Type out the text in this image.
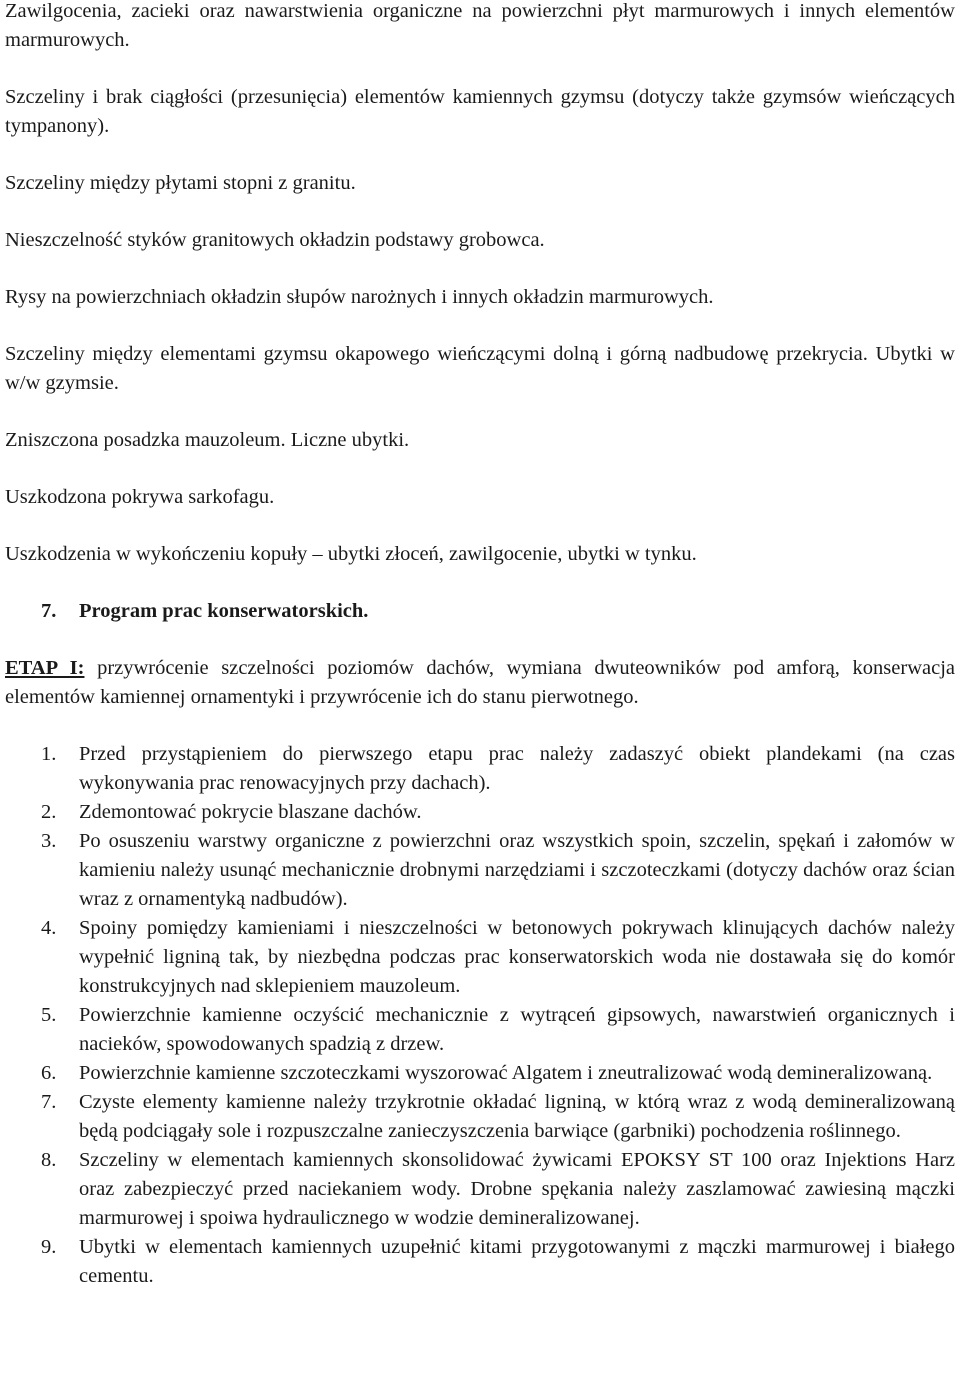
Zawilgocenia, zacieki oraz nawarstwienia organiczne na powierzchni płyt marmurowych i innych elementów marmurowych.

Szczeliny i brak ciągłości (przesunięcia) elementów kamiennych gzymsu (dotyczy także gzymsów wieńczących tympanony).

Szczeliny między płytami stopni z granitu.

Nieszczelność styków granitowych okładzin podstawy grobowca.

Rysy na powierzchniach okładzin słupów narożnych i innych okładzin marmurowych.

Szczeliny między elementami gzymsu okapowego wieńczącymi dolną i górną nadbudowę przekrycia. Ubytki w w/w gzymsie.

Zniszczona posadzka mauzoleum. Liczne ubytki.

Uszkodzona pokrywa sarkofagu.

Uszkodzenia w wykończeniu kopuły – ubytki złoceń, zawilgocenie, ubytki w tynku.

7. Program prac konserwatorskich.

ETAP I: przywrócenie szczelności poziomów dachów, wymiana dwuteowników pod amforą, konserwacja elementów kamiennej ornamentyki i przywrócenie ich do stanu pierwotnego.

1.	Przed przystąpieniem do pierwszego etapu prac należy zadaszyć obiekt plandekami (na czas wykonywania prac renowacyjnych przy dachach).
2.	Zdemontować pokrycie blaszane dachów.
3.	Po osuszeniu warstwy organiczne z powierzchni oraz wszystkich spoin, szczelin, spękań i załomów w kamieniu należy usunąć mechanicznie drobnymi narzędziami i szczoteczkami (dotyczy dachów oraz ścian wraz z ornamentyką nadbudów).
4.	Spoiny pomiędzy kamieniami i nieszczelności w betonowych pokrywach klinujących dachów należy wypełnić ligniną tak, by niezbędna podczas prac konserwatorskich woda nie dostawała się do komór konstrukcyjnych nad sklepieniem mauzoleum.
5.	Powierzchnie kamienne oczyścić mechanicznie z wytrąceń gipsowych, nawarstwień organicznych i nacieków, spowodowanych spadzią z drzew.
6.	Powierzchnie kamienne szczoteczkami wyszorować Algatem i zneutralizować wodą demineralizowaną.
7.	Czyste elementy kamienne należy trzykrotnie okładać ligniną, w którą wraz z wodą demineralizowaną będą podciągały sole i rozpuszczalne zanieczyszczenia barwiące (garbniki) pochodzenia roślinnego.
8.	Szczeliny w elementach kamiennych skonsolidować żywicami EPOKSY ST 100 oraz Injektions Harz oraz zabezpieczyć przed naciekaniem wody. Drobne spękania należy zaszlamować zawiesiną mączki marmurowej i spoiwa hydraulicznego w wodzie demineralizowanej.
9.	Ubytki w elementach kamiennych uzupełnić kitami przygotowanymi z mączki marmurowej i białego cementu.
